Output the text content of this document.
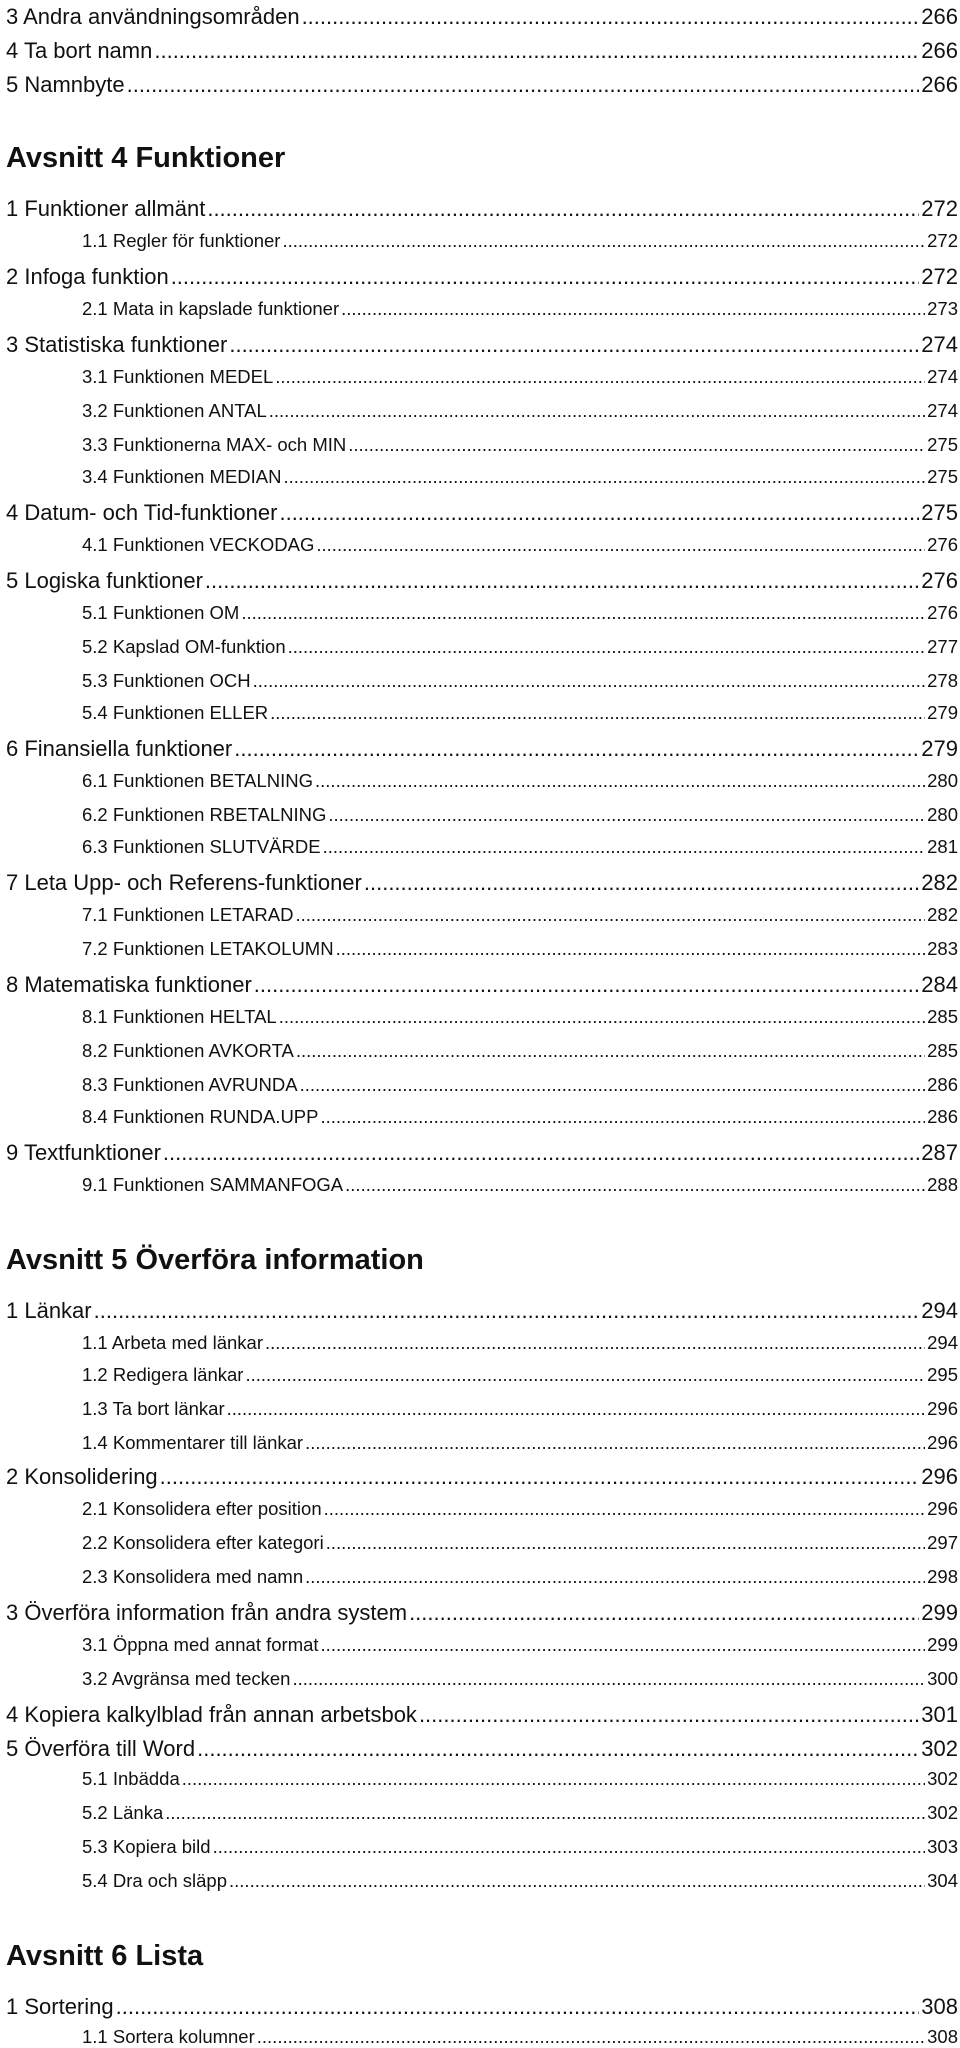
3 Andra användningsområden .....	266
4 Ta bort namn .....	266
5 Namnbyte .....	266
Avsnitt 4 Funktioner
1 Funktioner allmänt .....	272
1.1 Regler för funktioner .....	272
2 Infoga funktion .....	272
2.1 Mata in kapslade funktioner .....	273
3 Statistiska funktioner .....	274
3.1 Funktionen MEDEL .....	274
3.2 Funktionen ANTAL .....	274
3.3 Funktionerna MAX- och MIN .....	275
3.4 Funktionen MEDIAN .....	275
4 Datum- och Tid-funktioner .....	275
4.1 Funktionen VECKODAG .....	276
5 Logiska funktioner .....	276
5.1 Funktionen OM .....	276
5.2 Kapslad OM-funktion .....	277
5.3 Funktionen OCH .....	278
5.4 Funktionen ELLER .....	279
6 Finansiella funktioner .....	279
6.1 Funktionen BETALNING .....	280
6.2 Funktionen RBETALNING .....	280
6.3 Funktionen SLUTVÄRDE .....	281
7 Leta Upp- och Referens-funktioner .....	282
7.1 Funktionen LETARAD .....	282
7.2 Funktionen LETAKOLUMN .....	283
8 Matematiska funktioner .....	284
8.1 Funktionen HELTAL .....	285
8.2 Funktionen AVKORTA .....	285
8.3 Funktionen AVRUNDA .....	286
8.4 Funktionen RUNDA.UPP .....	286
9 Textfunktioner .....	287
9.1 Funktionen SAMMANFOGA .....	288
Avsnitt 5 Överföra information
1 Länkar .....	294
1.1 Arbeta med länkar .....	294
1.2 Redigera länkar .....	295
1.3 Ta bort länkar .....	296
1.4 Kommentarer till länkar .....	296
2 Konsolidering .....	296
2.1 Konsolidera efter position .....	296
2.2 Konsolidera efter kategori .....	297
2.3 Konsolidera med namn .....	298
3 Överföra information från andra system .....	299
3.1 Öppna med annat format .....	299
3.2 Avgränsa med tecken .....	300
4 Kopiera kalkylblad från annan arbetsbok .....	301
5 Överföra till Word .....	302
5.1 Inbädda .....	302
5.2 Länka .....	302
5.3 Kopiera bild .....	303
5.4 Dra och släpp .....	304
Avsnitt 6 Lista
1 Sortering .....	308
1.1 Sortera kolumner .....	308
